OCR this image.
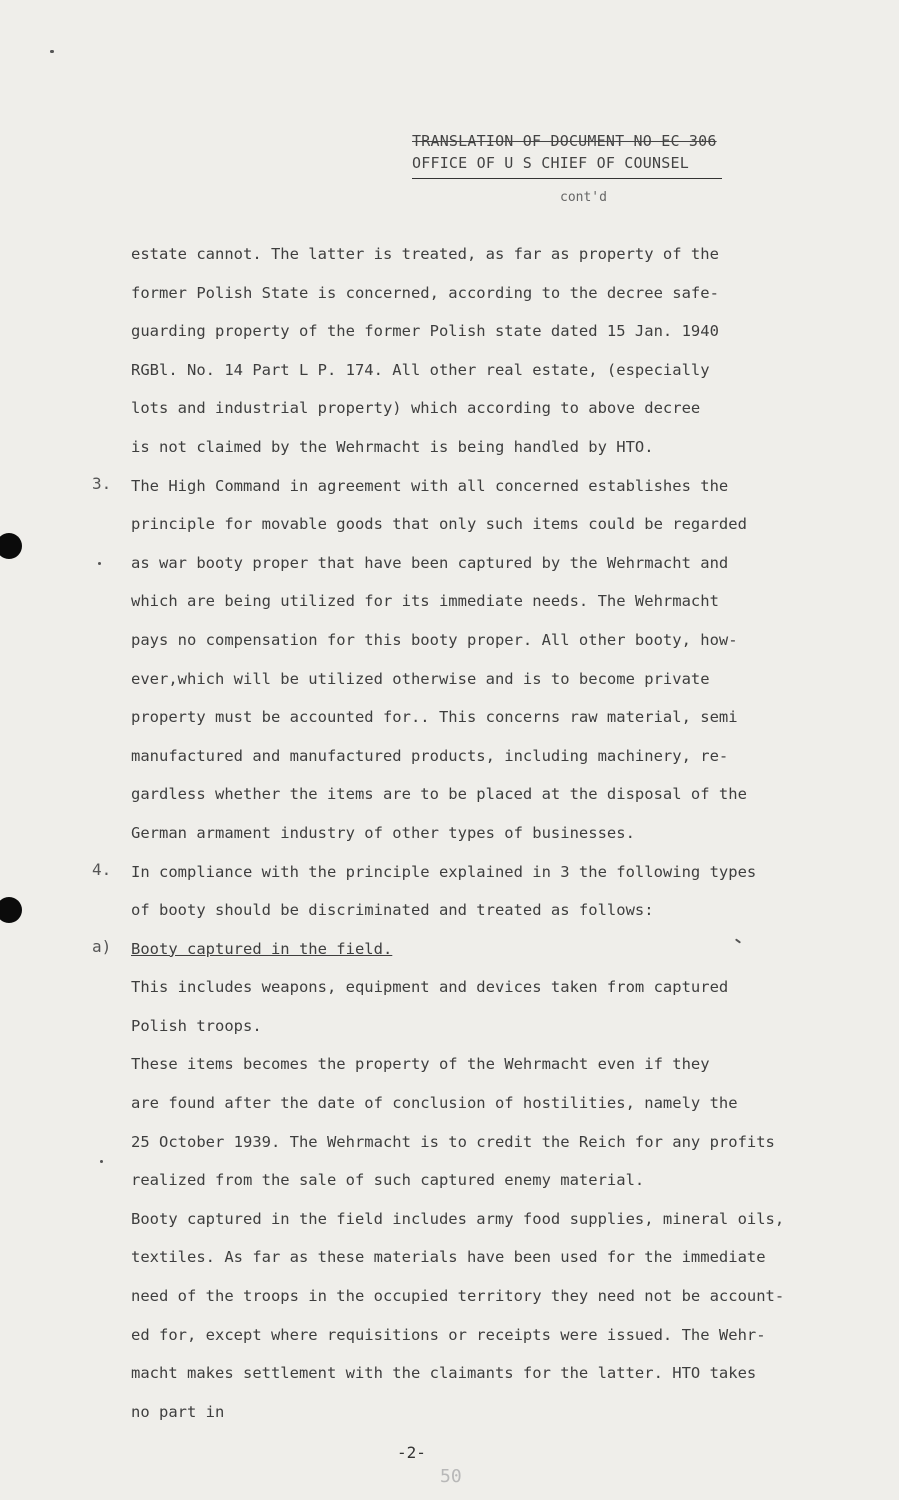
TRANSLATION OF DOCUMENT NO EC 306
OFFICE OF U S CHIEF OF COUNSEL
cont'd
3.
4.
a)
estate cannot. The latter is treated, as far as property of the
former Polish State is concerned, according to the decree safe-
guarding property of the former Polish state dated 15 Jan. 1940
RGBl. No. 14 Part L P. 174. All other real estate, (especially
lots and industrial property) which according to above decree
is not claimed by the Wehrmacht is being handled by HTO.
The High Command in agreement with all concerned establishes the
principle for movable goods that only such items could be regarded
as war booty proper that have been captured by the Wehrmacht and
which are being utilized for its immediate needs. The Wehrmacht
pays no compensation for this booty proper. All other booty, how-
ever,which will be utilized otherwise and is to become private
property must be accounted for.. This concerns raw material, semi
manufactured and manufactured products, including machinery, re-
gardless whether the items are to be placed at the disposal of the
German armament industry of other types of businesses.
In compliance with the principle explained in 3 the following types
of booty should be discriminated and treated as follows:
Booty captured in the field.
This includes weapons, equipment and devices taken from captured
Polish troops.
These items becomes the property of the Wehrmacht even if they
are found after the date of conclusion of hostilities, namely the
25 October 1939. The Wehrmacht is to credit the Reich for any profits
realized from the sale of such captured enemy material.
Booty captured in the field includes army food supplies, mineral oils,
textiles. As far as these materials have been used for the immediate
need of the troops in the occupied territory they need not be account-
ed for, except where requisitions or receipts were issued. The Wehr-
macht makes settlement with the claimants for the latter. HTO takes
no part in
-2-
50
